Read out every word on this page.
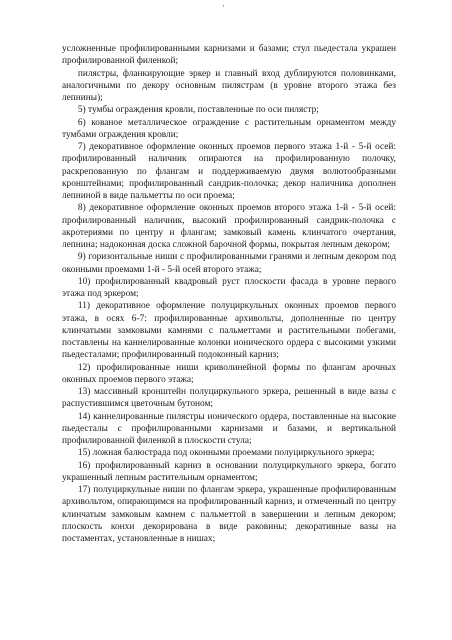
'

усложненные профилированными карнизами и базами; стул пьедестала украшен профилированной филенкой;

пилястры, фланкирующие эркер и главный вход дублируются половинками, аналогичными по декору основным пилястрам (в уровне второго этажа без лепнины);

5) тумбы ограждения кровли, поставленные по оси пилястр;

6) кованое металлическое ограждение с растительным орнаментом между тумбами ограждения кровли;

7) декоративное оформление оконных проемов первого этажа 1-й - 5-й осей: профилированный наличник опираются на профилированную полочку, раскрепованную по флангам и поддерживаемую двумя волютообразными кронштейнами; профилированный сандрик-полочка; декор наличника дополнен лепниной в виде пальметты по оси проема;

8) декоративное оформление оконных проемов второго этажа 1-й - 5-й осей: профилированный наличник, высокий профилированный сандрик-полочка с акротериями по центру и флангам; замковый камень клинчатого очертания, лепнина; надоконная доска сложной барочной формы, покрытая лепным декором;

9) горизонтальные ниши с профилированными гранями и лепным декором под оконными проемами 1-й - 5-й осей второго этажа;

10) профилированный квадровый руст плоскости фасада в уровне первого этажа под эркером;

11) декоративное оформление полуциркульных оконных проемов первого этажа, в осях 6-7: профилированные архивольты, дополненные по центру клинчатыми замковыми камнями с пальметтами и растительными побегами, поставлены на каннелированные колонки ионического ордера с высокими узкими пьедесталами; профилированный подоконный карниз;

12) профилированные ниши криволинейной формы по флангам арочных оконных проемов первого этажа;

13) массивный кронштейн полуциркульного эркера, решенный в виде вазы с распустившимся цветочным бутоном;

14) каннелированные пилястры ионического ордера, поставленные на высокие пьедесталы с профилированными карнизами и базами, и вертикальной профилированной филенкой в плоскости стула;

15) ложная балюстрада под оконными проемами полуциркульного эркера;

16) профилированный карниз в основании полуциркульного эркера, богато украшенный лепным растительным орнаментом;

17) полуциркульные ниши по флангам эркера, украшенные профилированным архивольтом, опирающимся на профилированный карниз, и отмеченный по центру клинчатым замковым камнем с пальметтой в завершении и лепным декором; плоскость конхи декорирована в виде раковины; декоративные вазы на постаментах, установленные в нишах;
